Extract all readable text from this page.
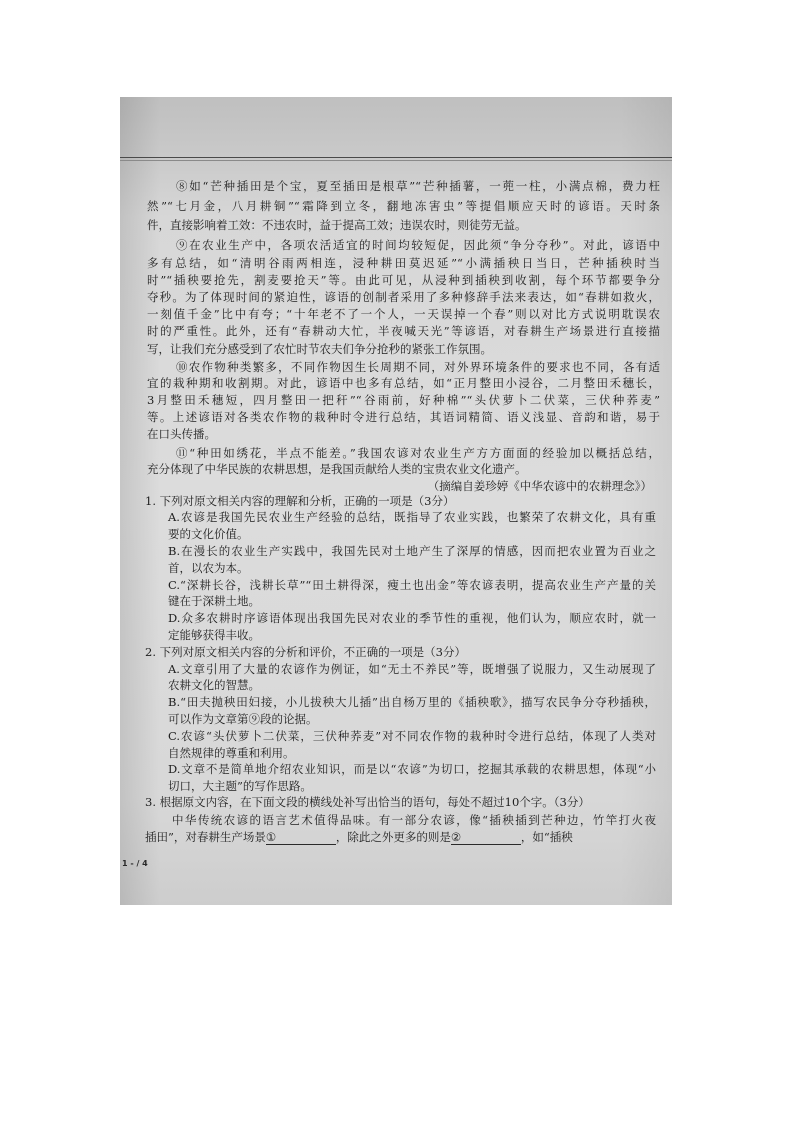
⑧如“芒种插田是个宝，夏至插田是根草”“芒种插薯，一蔸一柱，小满点棉，费力枉
然”“七月金，八月耕铜”“霜降到立冬，翻地冻害虫”等提倡顺应天时的谚语。天时条
件，直接影响着工效：不违农时，益于提高工效；违误农时，则徒劳无益。
⑨在农业生产中，各项农活适宜的时间均较短促，因此须“争分夺秒”。对此，谚语中
多有总结，如“清明谷雨两相连，浸种耕田莫迟延”“小满插秧日当日，芒种插秧时当
时”“插秧要抢先，割麦要抢天”等。由此可见，从浸种到插秧到收割，每个环节都要争分
夺秒。为了体现时间的紧迫性，谚语的创制者采用了多种修辞手法来表达，如“春耕如救火，
一刻值千金”比中有夸；“十年老不了一个人，一天误掉一个春”则以对比方式说明耽误农
时的严重性。此外，还有“春耕动大忙，半夜喊天光”等谚语，对春耕生产场景进行直接描
写，让我们充分感受到了农忙时节农夫们争分抢秒的紧张工作氛围。
⑩农作物种类繁多，不同作物因生长周期不同，对外界环境条件的要求也不同，各有适
宜的栽种期和收割期。对此，谚语中也多有总结，如“正月整田小浸谷，二月整田禾穗长，
3月整田禾穗短，四月整田一把秆”“谷雨前，好种棉”“头伏萝卜二伏菜，三伏种荞麦”
等。上述谚语对各类农作物的栽种时令进行总结，其语词精简、语义浅显、音韵和谐，易于
在口头传播。
⑪“种田如绣花，半点不能差。”我国农谚对农业生产方方面面的经验加以概括总结，
充分体现了中华民族的农耕思想，是我国贡献给人类的宝贵农业文化遗产。
（摘编自姜珍婷《中华农谚中的农耕理念》）
1. 下列对原文相关内容的理解和分析，正确的一项是（3分）
A.农谚是我国先民农业生产经验的总结，既指导了农业实践，也繁荣了农耕文化，具有重
要的文化价值。
B.在漫长的农业生产实践中，我国先民对土地产生了深厚的情感，因而把农业置为百业之
首，以农为本。
C.“深耕长谷，浅耕长草”“田土耕得深，瘦土也出金”等农谚表明，提高农业生产产量的关
键在于深耕土地。
D.众多农耕时序谚语体现出我国先民对农业的季节性的重视，他们认为，顺应农时，就一
定能够获得丰收。
2. 下列对原文相关内容的分析和评价，不正确的一项是（3分）
A.文章引用了大量的农谚作为例证，如“无土不养民”等，既增强了说服力，又生动展现了
农耕文化的智慧。
B.“田夫抛秧田妇接，小儿拔秧大儿插”出自杨万里的《插秧歌》，描写农民争分夺秒插秧，
可以作为文章第⑨段的论据。
C.农谚“头伏萝卜二伏菜，三伏种荞麦”对不同农作物的栽种时令进行总结，体现了人类对
自然规律的尊重和利用。
D.文章不是简单地介绍农业知识，而是以“农谚”为切口，挖掘其承载的农耕思想，体现“小
切口，大主题”的写作思路。
3. 根据原文内容，在下面文段的横线处补写出恰当的语句，每处不超过10个字。（3分）
中华传统农谚的语言艺术值得品味。有一部分农谚，像“插秧插到芒种边，竹竿打火夜
插田”，对春耕生产场景①	，除此之外更多的则是②	，如“插秧
1 - / 4
